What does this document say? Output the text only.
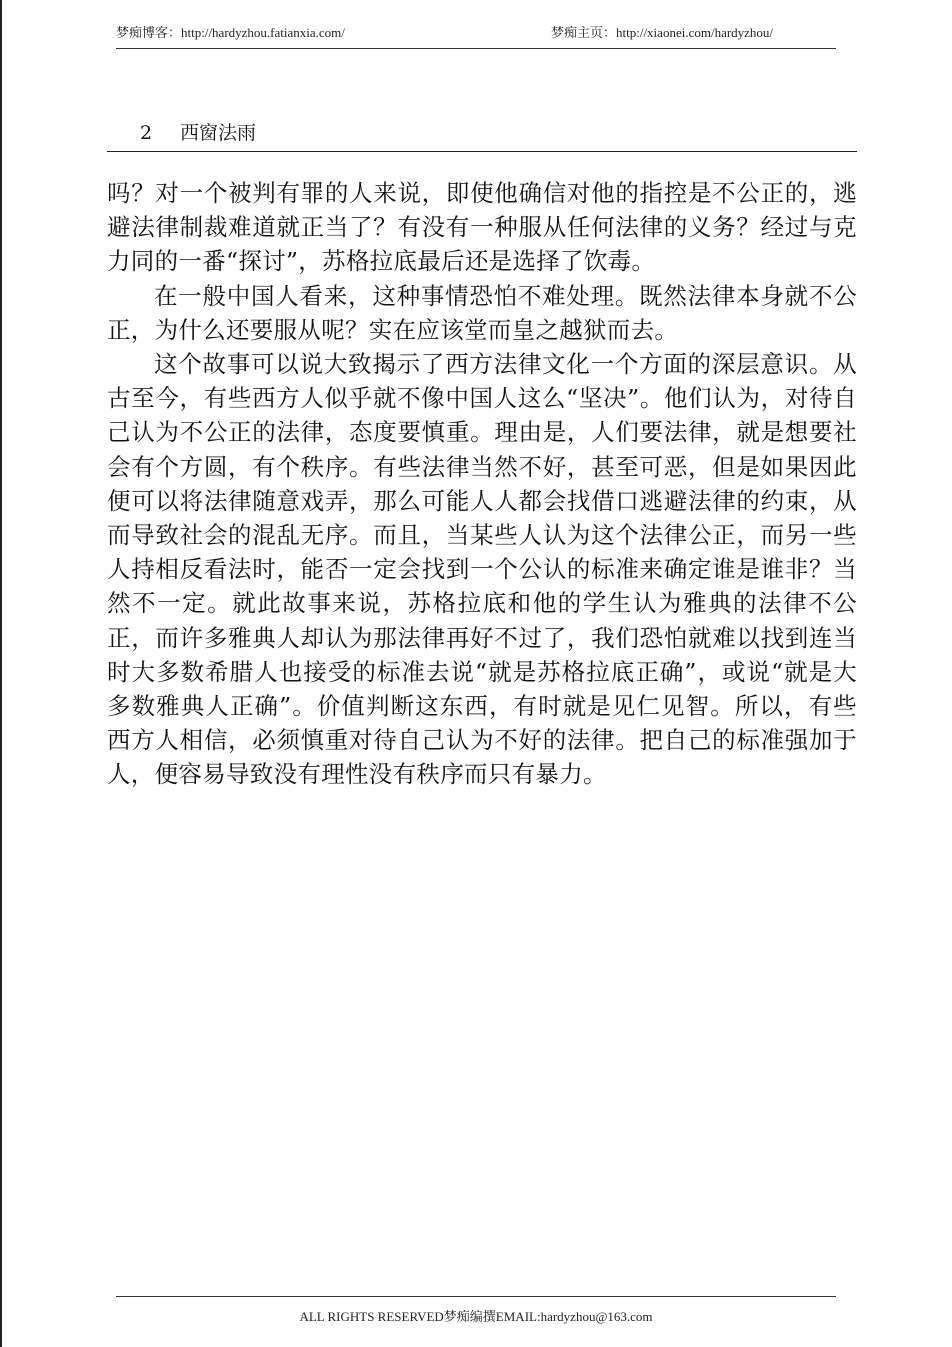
梦痴博客：http://hardyzhou.fatianxia.com/	梦痴主页：http://xiaonei.com/hardyzhou/
2 西窗法雨

吗？对一个被判有罪的人来说，即使他确信对他的指控是不公正的，逃避法律制裁难道就正当了？有没有一种服从任何法律的义务？经过与克力同的一番“探讨”，苏格拉底最后还是选择了饮毒。

在一般中国人看来，这种事情恐怕不难处理。既然法律本身就不公正，为什么还要服从呢？实在应该堂而皇之越狱而去。

这个故事可以说大致揭示了西方法律文化一个方面的深层意识。从古至今，有些西方人似乎就不像中国人这么“坚决”。他们认为，对待自己认为不公正的法律，态度要慎重。理由是，人们要法律，就是想要社会有个方圆，有个秩序。有些法律当然不好，甚至可恶，但是如果因此便可以将法律随意戏弄，那么可能人人都会找借口逃避法律的约束，从而导致社会的混乱无序。而且，当某些人认为这个法律公正，而另一些人持相反看法时，能否一定会找到一个公认的标准来确定谁是谁非？当然不一定。就此故事来说，苏格拉底和他的学生认为雅典的法律不公正，而许多雅典人却认为那法律再好不过了，我们恐怕就难以找到连当时大多数希腊人也接受的标准去说“就是苏格拉底正确”，或说“就是大多数雅典人正确”。价值判断这东西，有时就是见仁见智。所以，有些西方人相信，必须慎重对待自己认为不好的法律。把自己的标准强加于人，便容易导致没有理性没有秩序而只有暴力。

ALL RIGHTS RESERVED梦痴编撰EMAIL:hardyzhou@163.com
